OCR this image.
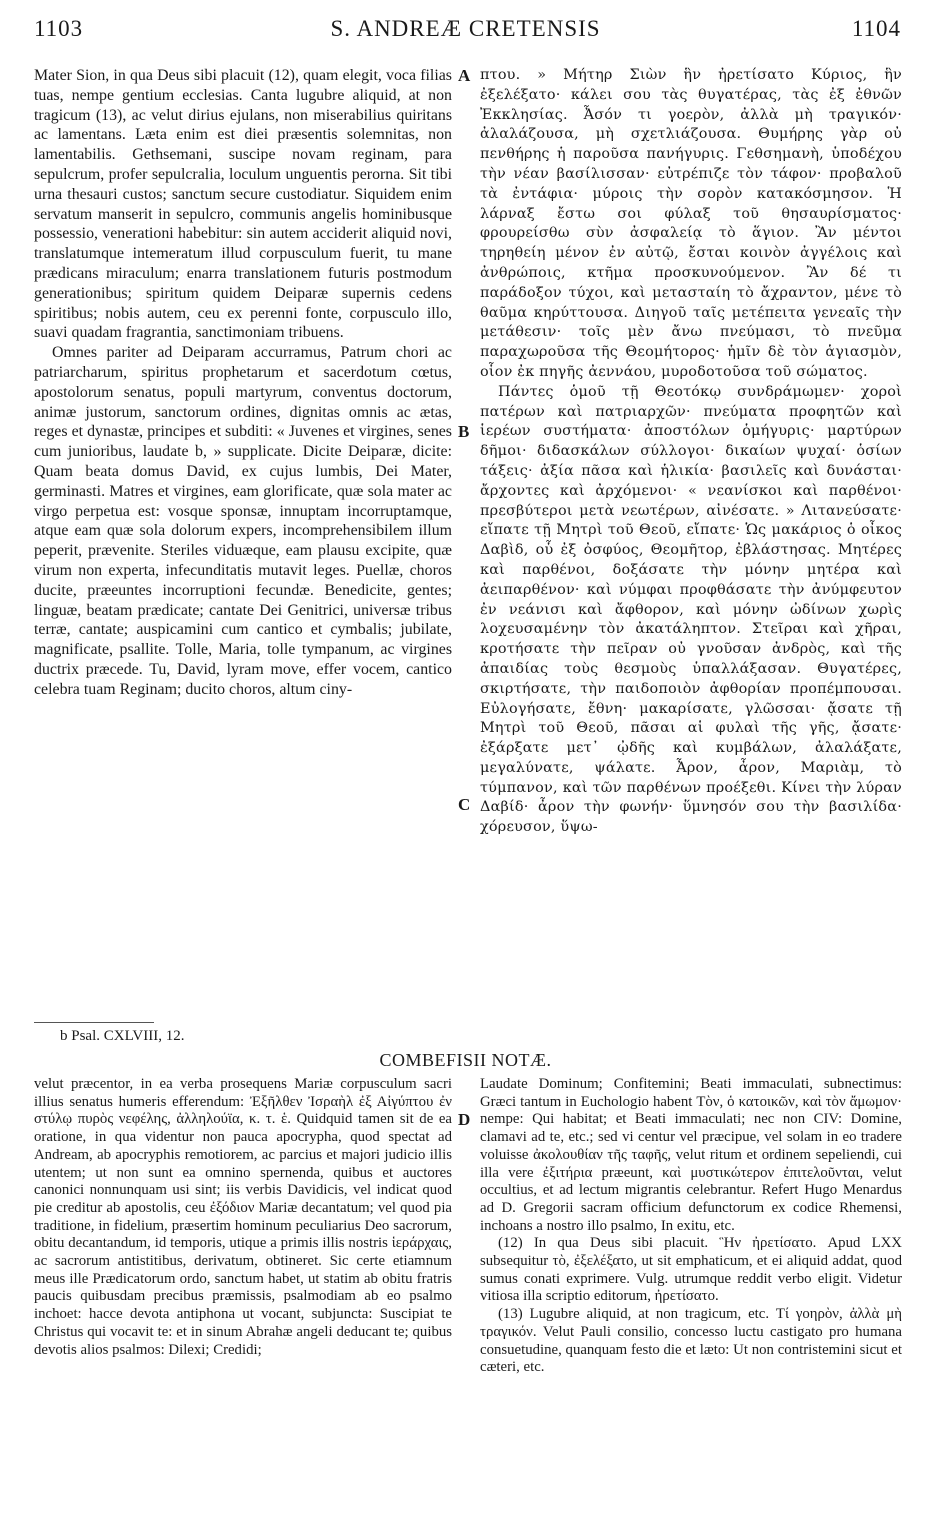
1103	S. ANDREÆ CRETENSIS	1104

Mater Sion, in qua Deus sibi placuit (12), quam elegit, voca filias tuas, nempe gentium ecclesias. Canta lugubre aliquid, at non tragicum (13), ac velut dirius ejulans, non miserabilius quiritans ac lamentans. Læta enim est diei præsentis solemnitas, non lamentabilis. Gethsemani, suscipe novam reginam, para sepulcrum, profer sepulcralia, loculum unguentis perorna. Sit tibi urna thesauri custos; sanctum secure custodiatur. Siquidem enim servatum manserit in sepulcro, communis angelis hominibusque possessio, venerationi habebitur: sin autem acciderit aliquid novi, translatumque intemeratum illud corpusculum fuerit, tu mane prædicans miraculum; enarra translationem futuris postmodum generationibus; spiritum quidem Deiparæ supernis cedens spiritibus; nobis autem, ceu ex perenni fonte, corpusculo illo, suavi quadam fragrantia, sanctimoniam tribuens.

Omnes pariter ad Deiparam accurramus, Patrum chori ac patriarcharum, spiritus prophetarum et sacerdotum cœtus, apostolorum senatus, populi martyrum, conventus doctorum, animæ justorum, sanctorum ordines, dignitas omnis ac ætas, reges et dynastæ, principes et subditi: « Juvenes et virgines, senes cum junioribus, laudate b, » supplicate. Dicite Deiparæ, dicite: Quam beata domus David, ex cujus lumbis, Dei Mater, germinasti. Matres et virgines, eam glorificate, quæ sola mater ac virgo perpetua est: vosque sponsæ, innuptam incorruptamque, atque eam quæ sola dolorum expers, incomprehensibilem illum peperit, prævenite. Steriles viduæque, eam plausu excipite, quæ virum non experta, infecunditatis mutavit leges. Puellæ, choros ducite, præeuntes incorruptioni fecundæ. Benedicite, gentes; linguæ, beatam prædicate; cantate Dei Genitrici, universæ tribus terræ, cantate; auspicamini cum cantico et cymbalis; jubilate, magnificate, psallite. Tolle, Maria, tolle tympanum, ac virgines ductrix præcede. Tu, David, lyram move, effer vocem, cantico celebra tuam Reginam; ducito choros, altum ciny-

πτου. » Μήτηρ Σιὼν ἣν ἠρετίσατο Κύριος, ἣν ἐξελέξατο· κάλει σου τὰς θυγατέρας, τὰς ἐξ ἐθνῶν Ἐκκλησίας. Ἆσόν τι γοερὸν, ἀλλὰ μὴ τραγικόν· ἀλαλάζουσα, μὴ σχετλιάζουσα. Θυμήρης γὰρ οὐ πενθήρης ἡ παροῦσα πανήγυρις. Γεθσημανὴ, ὑποδέχου τὴν νέαν βασίλισσαν· εὐτρέπιζε τὸν τάφον· προβαλοῦ τὰ ἐντάφια· μύροις τὴν σορὸν κατακόσμησον. Ἡ λάρναξ ἔστω σοι φύλαξ τοῦ θησαυρίσματος· φρουρείσθω σὺν ἀσφαλείᾳ τὸ ἅγιον. Ἂν μέντοι τηρηθείη μένον ἐν αὐτῷ, ἔσται κοινὸν ἀγγέλοις καὶ ἀνθρώποις, κτῆμα προσκυνούμενον. Ἂν δέ τι παράδοξον τύχοι, καὶ μετασταίη τὸ ἄχραντον, μένε τὸ θαῦμα κηρύττουσα. Διηγοῦ ταῖς μετέπειτα γενεαῖς τὴν μετάθεσιν· τοῖς μὲν ἄνω πνεύμασι, τὸ πνεῦμα παραχωροῦσα τῆς Θεομήτορος· ἡμῖν δὲ τὸν ἁγιασμὸν, οἷον ἐκ πηγῆς ἀεννάου, μυροδοτοῦσα τοῦ σώματος.

Πάντες ὁμοῦ τῇ Θεοτόκῳ συνδράμωμεν· χοροὶ πατέρων καὶ πατριαρχῶν· πνεύματα προφητῶν καὶ ἱερέων συστήματα· ἀποστόλων ὁμήγυρις· μαρτύρων δῆμοι· διδασκάλων σύλλογοι· δικαίων ψυχαί· ὁσίων τάξεις· ἀξία πᾶσα καὶ ἡλικία· βασιλεῖς καὶ δυνάσται· ἄρχοντες καὶ ἀρχόμενοι· « νεανίσκοι καὶ παρθένοι· πρεσβύτεροι μετὰ νεωτέρων, αἰνέσατε. » Λιτανεύσατε· εἴπατε τῇ Μητρὶ τοῦ Θεοῦ, εἴπατε· Ὡς μακάριος ὁ οἶκος Δαβὶδ, οὗ ἐξ ὀσφύος, Θεομῆτορ, ἐβλάστησας. Μητέρες καὶ παρθένοι, δοξάσατε τὴν μόνην μητέρα καὶ ἀειπαρθένον· καὶ νύμφαι προφθάσατε τὴν ἀνύμφευτον ἐν νεάνισι καὶ ἄφθορον, καὶ μόνην ὠδίνων χωρὶς λοχευσαμένην τὸν ἀκατάληπτον. Στεῖραι καὶ χῆραι, κροτήσατε τὴν πεῖραν οὐ γνοῦσαν ἀνδρὸς, καὶ τῆς ἀπαιδίας τοὺς θεσμοὺς ὑπαλλάξασαν. Θυγατέρες, σκιρτήσατε, τὴν παιδοποιὸν ἀφθορίαν προπέμπουσαι. Εὐλογήσατε, ἔθνη· μακαρίσατε, γλῶσσαι· ᾄσατε τῇ Μητρὶ τοῦ Θεοῦ, πᾶσαι αἱ φυλαὶ τῆς γῆς, ᾄσατε· ἐξάρξατε μετ᾽ ᾠδῆς καὶ κυμβάλων, ἀλαλάξατε, μεγαλύνατε, ψάλατε. Ἆρον, ἆρον, Μαριὰμ, τὸ τύμπανον, καὶ τῶν παρθένων προέξεθι. Κίνει τὴν λύραν Δαβίδ· ἆρον τὴν φωνήν· ὕμνησόν σου τὴν βασιλίδα· χόρευσον, ὕψω-

A
B
C
D
b Psal. CXLVIII, 12.
COMBEFISII NOTÆ.

velut præcentor, in ea verba prosequens Mariæ corpusculum sacri illius senatus humeris efferendum: Ἐξῆλθεν Ἰσραὴλ ἐξ Αἰγύπτου ἐν στύλῳ πυρὸς νεφέλης, ἀλληλούϊα, κ. τ. ἑ. Quidquid tamen sit de ea oratione, in qua videntur non pauca apocrypha, quod spectat ad Andream, ab apocryphis remotiorem, ac parcius et majori judicio illis utentem; ut non sunt ea omnino spernenda, quibus et auctores canonici nonnunquam usi sint; iis verbis Davidicis, vel indicat quod pie creditur ab apostolis, ceu ἐξόδιον Mariæ decantatum; vel quod pia traditione, in fidelium, præsertim hominum peculiarius Deo sacrorum, obitu decantandum, id temporis, utique a primis illis nostris ἱεράρχαις, ac sacrorum antistitibus, derivatum, obtineret. Sic certe etiamnum meus ille Prædicatorum ordo, sanctum habet, ut statim ab obitu fratris paucis quibusdam precibus præmissis, psalmodiam ab eo psalmo inchoet: hacce devota antiphona ut vocant, subjuncta: Suscipiat te Christus qui vocavit te: et in sinum Abrahæ angeli deducant te; quibus devotis alios psalmos: Dilexi; Credidi;

Laudate Dominum; Confitemini; Beati immaculati, subnectimus: Græci tantum in Euchologio habent Τὸν, ὁ κατοικῶν, καὶ τὸν ἄμωμον· nempe: Qui habitat; et Beati immaculati; nec non CIV: Domine, clamavi ad te, etc.; sed vi centur vel præcipue, vel solam in eo tradere voluisse ἀκολουθίαν τῆς ταφῆς, velut ritum et ordinem sepeliendi, cui illa vere ἐξιτήρια præeunt, καὶ μυστικώτερον ἐπιτελοῦνται, velut occultius, et ad lectum migrantis celebrantur. Refert Hugo Menardus ad D. Gregorii sacram officium defunctorum ex codice Rhemensi, inchoans a nostro illo psalmo, In exitu, etc.

(12) In qua Deus sibi placuit. Ἣν ἠρετίσατο. Apud LXX subsequitur τὸ, ἐξελέξατο, ut sit emphaticum, et ei aliquid addat, quod sumus conati exprimere. Vulg. utrumque reddit verbo eligit. Videtur vitiosa illa scriptio editorum, ἠρετίσατο.

(13) Lugubre aliquid, at non tragicum, etc. Τί γοηρὸν, ἀλλὰ μὴ τραγικόν. Velut Pauli consilio, concesso luctu castigato pro humana consuetudine, quanquam festo die et læto: Ut non contristemini sicut et cæteri, etc.
